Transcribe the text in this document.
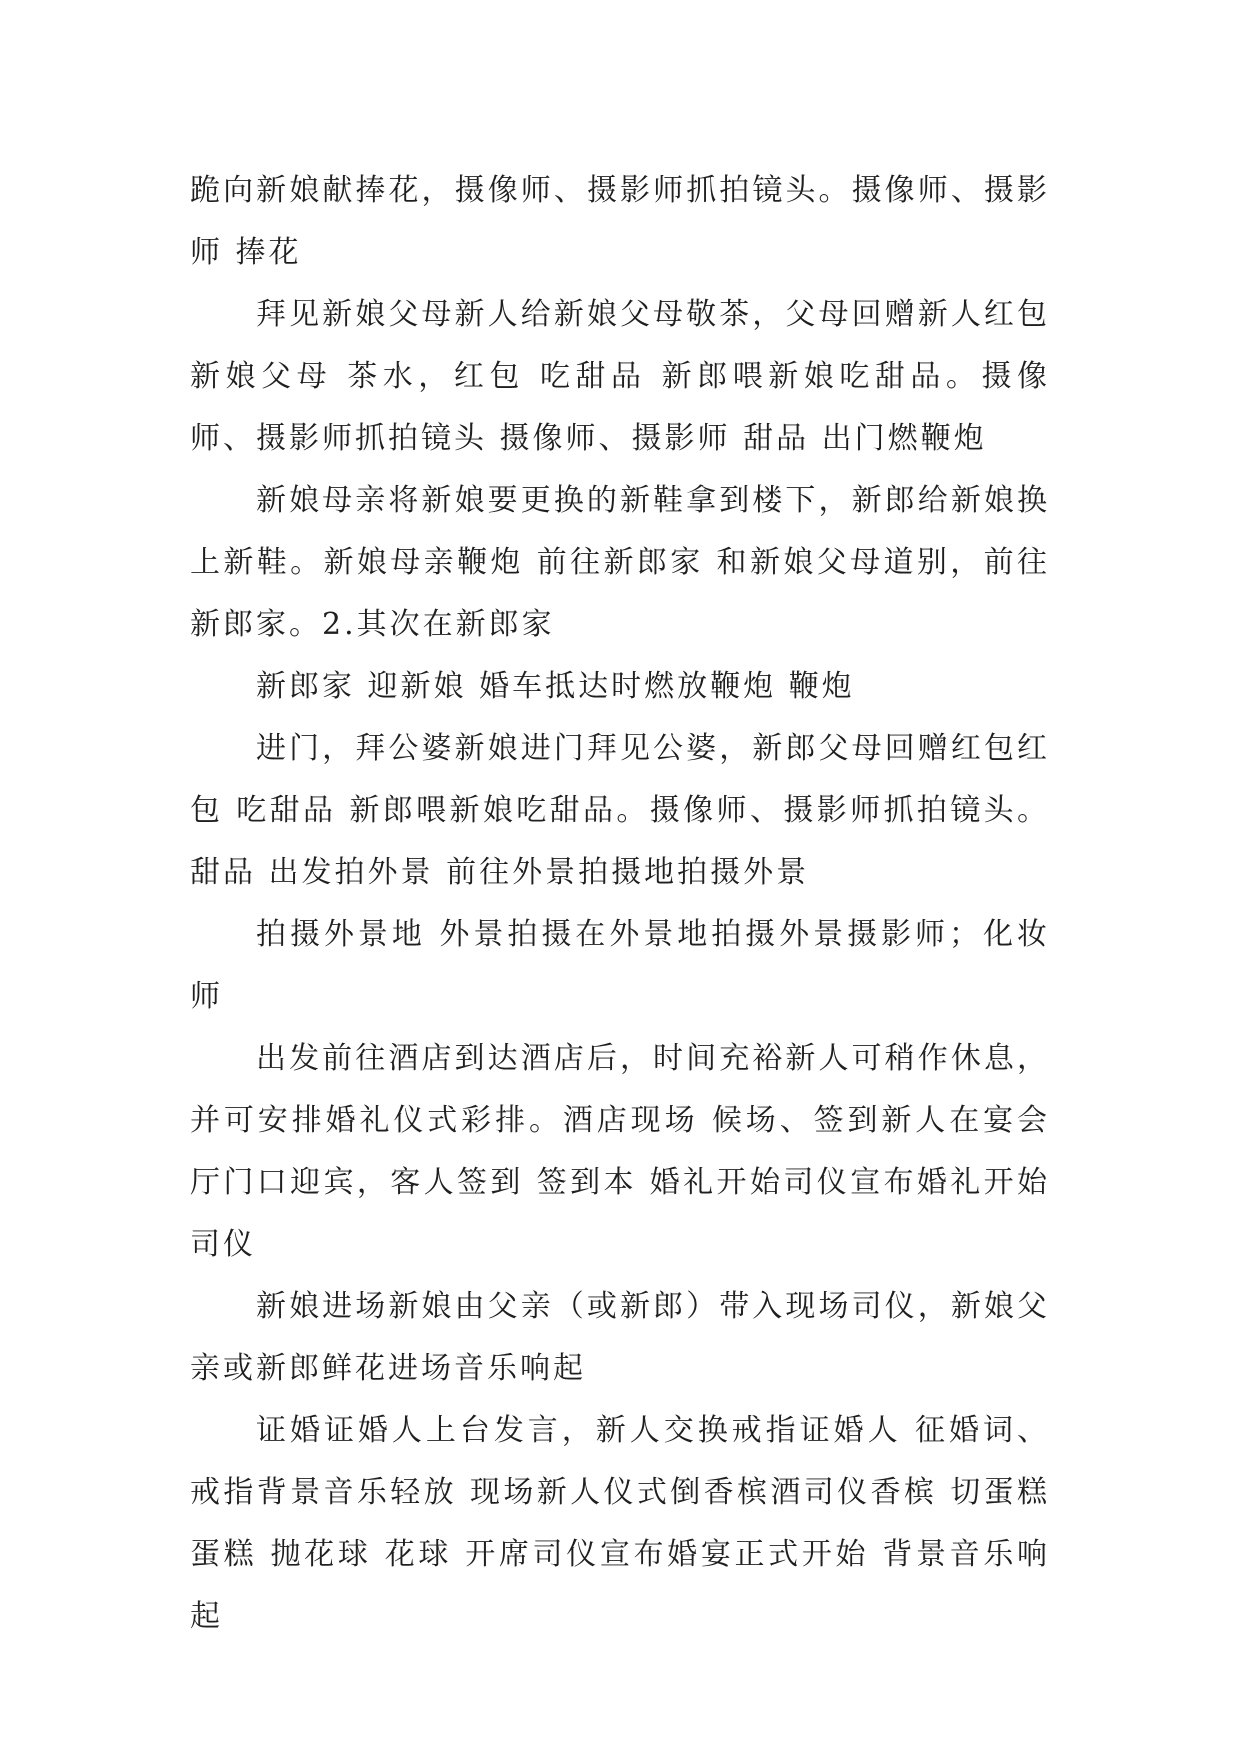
跪向新娘献捧花，摄像师、摄影师抓拍镜头。摄像师、摄影师 捧花

拜见新娘父母新人给新娘父母敬茶，父母回赠新人红包新娘父母 茶水，红包 吃甜品 新郎喂新娘吃甜品。摄像师、摄影师抓拍镜头 摄像师、摄影师 甜品 出门燃鞭炮

新娘母亲将新娘要更换的新鞋拿到楼下，新郎给新娘换上新鞋。新娘母亲鞭炮 前往新郎家 和新娘父母道别，前往新郎家。2.其次在新郎家

新郎家 迎新娘 婚车抵达时燃放鞭炮 鞭炮

进门，拜公婆新娘进门拜见公婆，新郎父母回赠红包红包 吃甜品 新郎喂新娘吃甜品。摄像师、摄影师抓拍镜头。甜品 出发拍外景 前往外景拍摄地拍摄外景

拍摄外景地 外景拍摄在外景地拍摄外景摄影师；化妆师

出发前往酒店到达酒店后，时间充裕新人可稍作休息，并可安排婚礼仪式彩排。酒店现场 候场、签到新人在宴会厅门口迎宾，客人签到 签到本 婚礼开始司仪宣布婚礼开始司仪

新娘进场新娘由父亲（或新郎）带入现场司仪，新娘父亲或新郎鲜花进场音乐响起

证婚证婚人上台发言，新人交换戒指证婚人 征婚词、戒指背景音乐轻放 现场新人仪式倒香槟酒司仪香槟 切蛋糕 蛋糕 抛花球 花球 开席司仪宣布婚宴正式开始 背景音乐响起
